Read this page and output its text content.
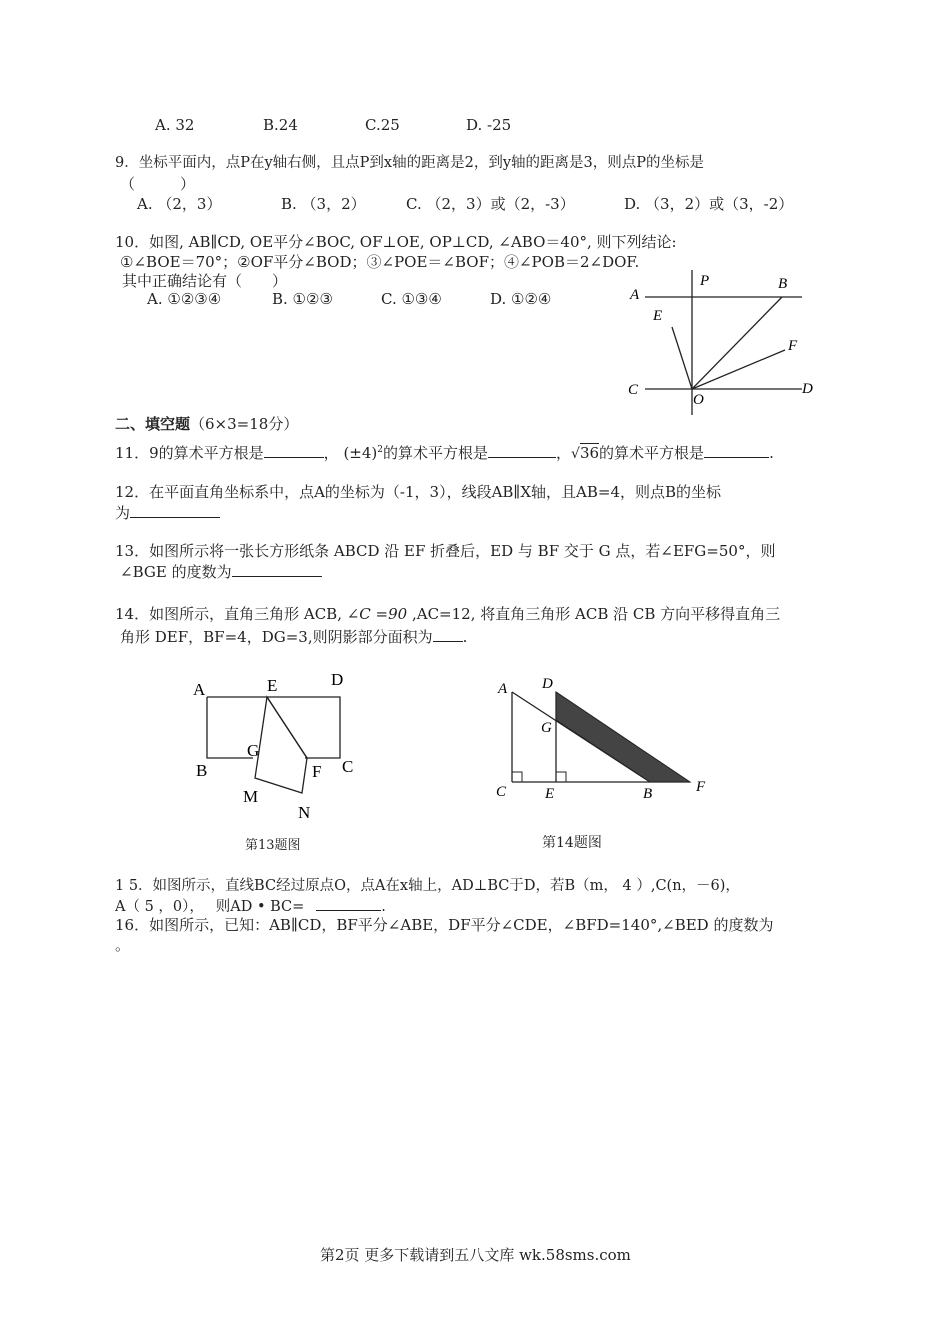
A. 32	B.24	C.25	D. -25
9．坐标平面内，点P在y轴右侧，且点P到x轴的距离是2，到y轴的距离是3，则点P的坐标是
（　　　）
A. （2，3）	B. （3，2）	C. （2，3）或（2，-3）	D. （3，2）或（3，-2）
10．如图, AB∥CD, OE平分∠BOC, OF⊥OE, OP⊥CD, ∠ABO＝40°, 则下列结论:
①∠BOE＝70°；②OF平分∠BOD；③∠POE＝∠BOF；④∠POB＝2∠DOF.
其中正确结论有（　　）
A. ①②③④	B. ①②③	C. ①③④	D. ①②④	A
P	B
E
F
C
O
D
二、填空题（6×3=18分）
11．9的算术平方根是	， $(\pm 4)^2$的算术平方根是	，√36的算术平方根是	.
12．在平面直角坐标系中，点A的坐标为（-1，3），线段AB∥X轴，且AB=4，则点B的坐标
为
13．如图所示将一张长方形纸条 ABCD 沿 EF 折叠后，ED 与 BF 交于 G 点，若∠EFG=50°，则
∠BGE 的度数为
14．如图所示，直角三角形 ACB, ∠C =90 ,AC=12, 将直角三角形 ACB 沿 CB 方向平移得直角三
角形 DEF，BF=4，DG=3,则阴影部分面积为 .
A	E	D
G
B	F C
M
N
第13题图
A D
G
C	E	B	F
第14题图
1 5．如图所示，直线BC经过原点O，点A在x轴上，AD⊥BC于D，若B（m， 4 ）,C(n，－6)，
A（ 5 ，0），　 则AD • BC=	.
16．如图所示，已知：AB∥CD，BF平分∠ABE，DF平分∠CDE，∠BFD=140°,∠BED 的度数为
。
第2页 更多下载请到五八文库 wk.58sms.com
